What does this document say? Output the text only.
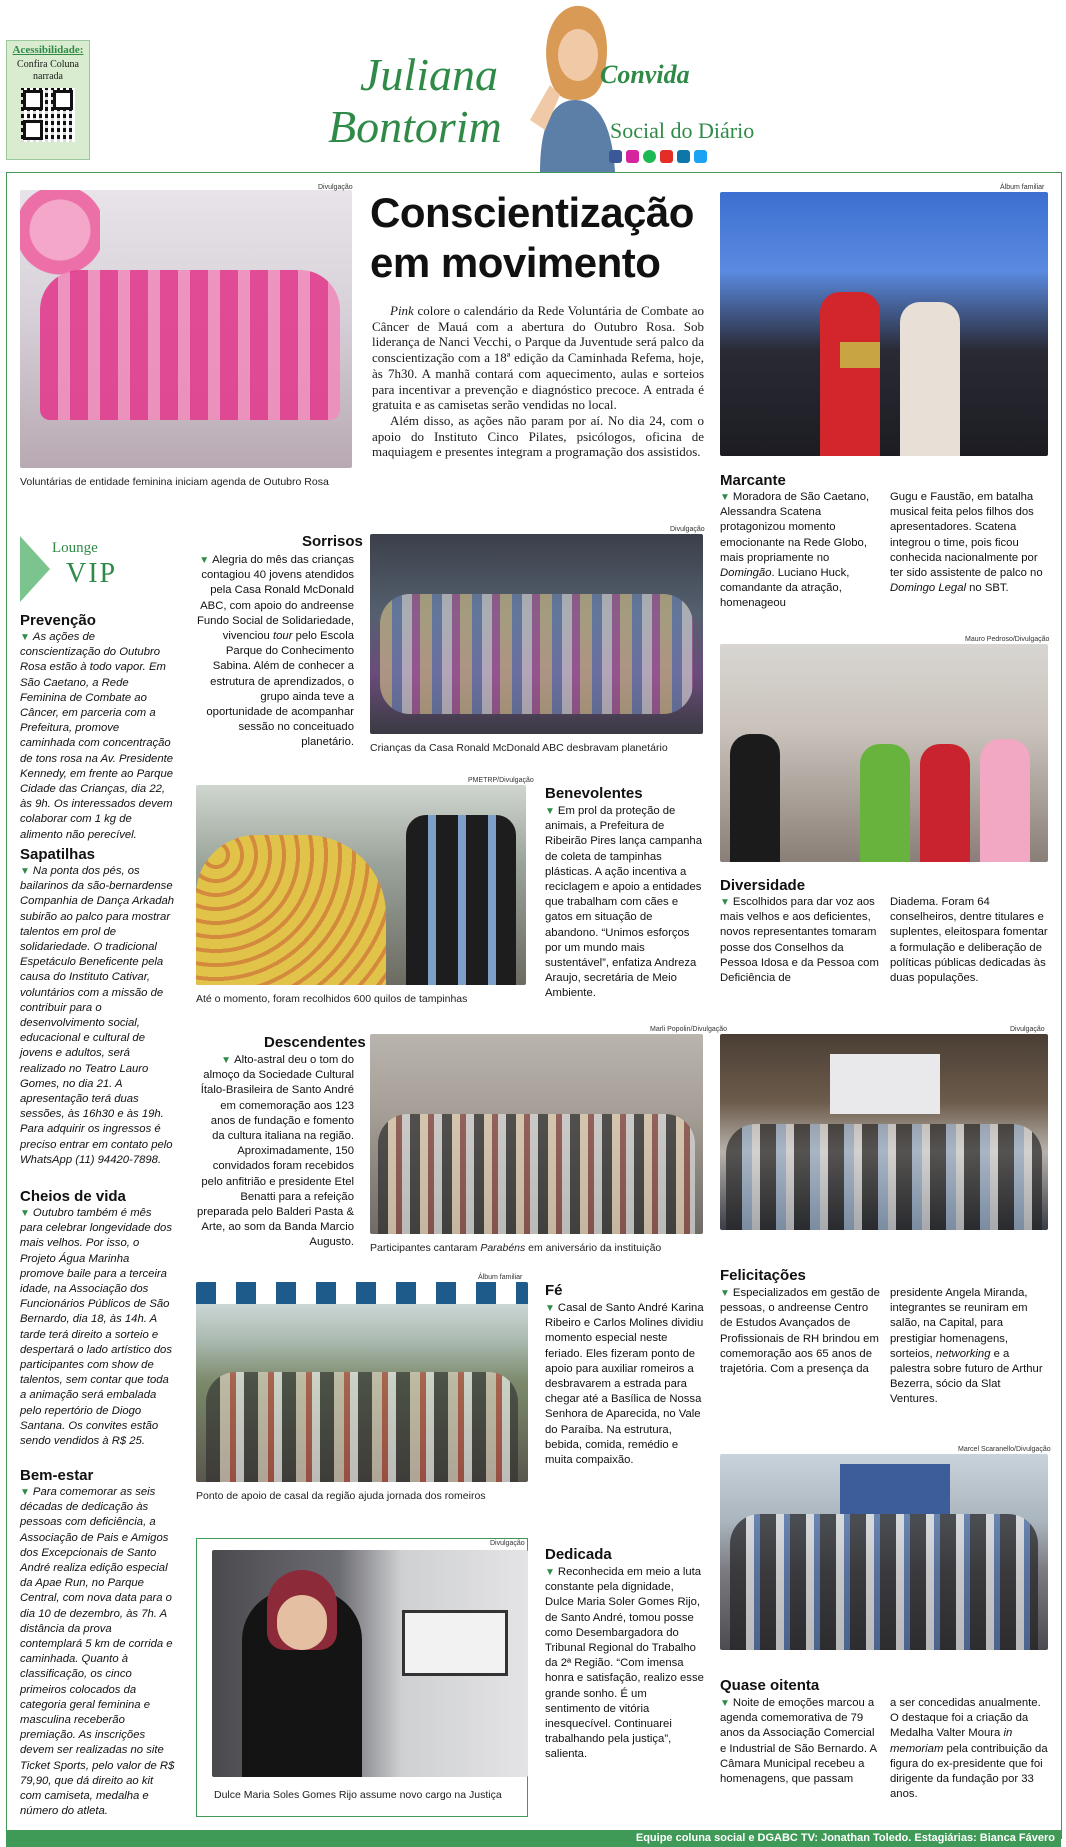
Acessibilidade:
Confira Coluna narrada	Juliana
Bontorim
Convida
Social do Diário
Divulgação
Voluntárias de entidade feminina iniciam agenda de Outubro Rosa
Conscientização
em movimento
Pink colore o calendário da Rede Voluntária de Combate ao Câncer de Mauá com a abertura do Outubro Rosa. Sob liderança de Nanci Vecchi, o Parque da Juventude será palco da conscientização com a 18ª edição da Caminhada Refema, hoje, às 7h30. A manhã contará com aquecimento, aulas e sorteios para incentivar a prevenção e diagnóstico precoce. A entrada é gratuita e as camisetas serão vendidas no local.
Além disso, as ações não param por aí. No dia 24, com o apoio do Instituto Cinco Pilates, psicólogos, oficina de maquiagem e presentes integram a programação dos assistidos.
Álbum familiar
Marcante
▼ Moradora de São Caetano, Alessandra Scatena protagonizou momento emocionante na Rede Globo, mais propriamente no Domingão. Luciano Huck, comandante da atração, homenageou
Gugu e Faustão, em batalha musical feita pelos filhos dos apresentadores. Scatena integrou o time, pois ficou conhecida nacionalmente por ter sido assistente de palco no Domingo Legal no SBT.
Lounge
VIP
Prevenção
▼ As ações de conscientização do Outubro Rosa estão à todo vapor. Em São Caetano, a Rede Feminina de Combate ao Câncer, em parceria com a Prefeitura, promove caminhada com concentração de tons rosa na Av. Presidente Kennedy, em frente ao Parque Cidade das Crianças, dia 22, às 9h. Os interessados devem colaborar com 1 kg de alimento não perecível.
Sapatilhas
▼ Na ponta dos pés, os bailarinos da são-bernardense Companhia de Dança Arkadah subirão ao palco para mostrar talentos em prol de solidariedade. O tradicional Espetáculo Beneficente pela causa do Instituto Cativar, voluntários com a missão de contribuir para o desenvolvimento social, educacional e cultural de jovens e adultos, será realizado no Teatro Lauro Gomes, no dia 21. A apresentação terá duas sessões, às 16h30 e às 19h. Para adquirir os ingressos é preciso entrar em contato pelo WhatsApp (11) 94420-7898.
Cheios de vida
▼ Outubro também é mês para celebrar longevidade dos mais velhos. Por isso, o Projeto Água Marinha promove baile para a terceira idade, na Associação dos Funcionários Públicos de São Bernardo, dia 18, às 14h. A tarde terá direito a sorteio e despertará o lado artístico dos participantes com show de talentos, sem contar que toda a animação será embalada pelo repertório de Diogo Santana. Os convites estão sendo vendidos à R$ 25.
Bem-estar
▼ Para comemorar as seis décadas de dedicação às pessoas com deficiência, a Associação de Pais e Amigos dos Excepcionais de Santo André realiza edição especial da Apae Run, no Parque Central, com nova data para o dia 10 de dezembro, às 7h. A distância da prova contemplará 5 km de corrida e caminhada. Quanto à classificação, os cinco primeiros colocados da categoria geral feminina e masculina receberão premiação. As inscrições devem ser realizadas no site Ticket Sports, pelo valor de R$ 79,90, que dá direito ao kit com camiseta, medalha e número do atleta.
Sorrisos
▼ Alegria do mês das crianças contagiou 40 jovens atendidos pela Casa Ronald McDonald ABC, com apoio do andreense Fundo Social de Solidariedade, vivenciou tour pelo Escola Parque do Conhecimento Sabina. Além de conhecer a estrutura de aprendizados, o grupo ainda teve a oportunidade de acompanhar sessão no conceituado planetário.
Divulgação
Crianças da Casa Ronald McDonald ABC desbravam planetário
Mauro Pedroso/Divulgação
Diversidade
▼ Escolhidos para dar voz aos mais velhos e aos deficientes, novos representantes tomaram posse dos Conselhos da Pessoa Idosa e da Pessoa com Deficiência de
Diadema. Foram 64 conselheiros, dentre titulares e suplentes, eleitospara fomentar a formulação e deliberação de políticas públicas dedicadas às duas populações.
PMETRP/Divulgação
Até o momento, foram recolhidos 600 quilos de tampinhas
Benevolentes
▼ Em prol da proteção de animais, a Prefeitura de Ribeirão Pires lança campanha de coleta de tampinhas plásticas. A ação incentiva a reciclagem e apoio a entidades que trabalham com cães e gatos em situação de abandono. “Unimos esforços por um mundo mais sustentável”, enfatiza Andreza Araujo, secretária de Meio Ambiente.
Descendentes
▼ Alto-astral deu o tom do almoço da Sociedade Cultural Ítalo-Brasileira de Santo André em comemoração aos 123 anos de fundação e fomento da cultura italiana na região. Aproximadamente, 150 convidados foram recebidos pelo anfitrião e presidente Etel Benatti para a refeição preparada pelo Balderi Pasta & Arte, ao som da Banda Marcio Augusto.
Marli Popolin/Divulgação
Participantes cantaram Parabéns em aniversário da instituição
Divulgação
Felicitações
▼ Especializados em gestão de pessoas, o andreense Centro de Estudos Avançados de Profissionais de RH brindou em comemoração aos 65 anos de trajetória. Com a presença da
presidente Angela Miranda, integrantes se reuniram em salão, na Capital, para prestigiar homenagens, sorteios, networking e a palestra sobre futuro de Arthur Bezerra, sócio da Slat Ventures.
Álbum familiar
Ponto de apoio de casal da região ajuda jornada dos romeiros
Fé
▼ Casal de Santo André Karina Ribeiro e Carlos Molines dividiu momento especial neste feriado. Eles fizeram ponto de apoio para auxiliar romeiros a desbravarem a estrada para chegar até a Basílica de Nossa Senhora de Aparecida, no Vale do Paraíba. Na estrutura, bebida, comida, remédio e muita compaixão.
Divulgação
Dulce Maria Soles Gomes Rijo assume novo cargo na Justiça
Dedicada
▼ Reconhecida em meio a luta constante pela dignidade, Dulce Maria Soler Gomes Rijo, de Santo André, tomou posse como Desembargadora do Tribunal Regional do Trabalho da 2ª Região. “Com imensa honra e satisfação, realizo esse grande sonho. É um sentimento de vitória inesquecível. Continuarei trabalhando pela justiça”, salienta.
Marcel Scaranello/Divulgação
Quase oitenta
▼ Noite de emoções marcou a agenda comemorativa de 79 anos da Associação Comercial e Industrial de São Bernardo. A Câmara Municipal recebeu a homenagens, que passam
a ser concedidas anualmente. O destaque foi a criação da Medalha Valter Moura in memoriam pela contribuição da figura do ex-presidente que foi dirigente da fundação por 33 anos.
Equipe coluna social e DGABC TV: Jonathan Toledo. Estagiárias: Bianca Fávero
